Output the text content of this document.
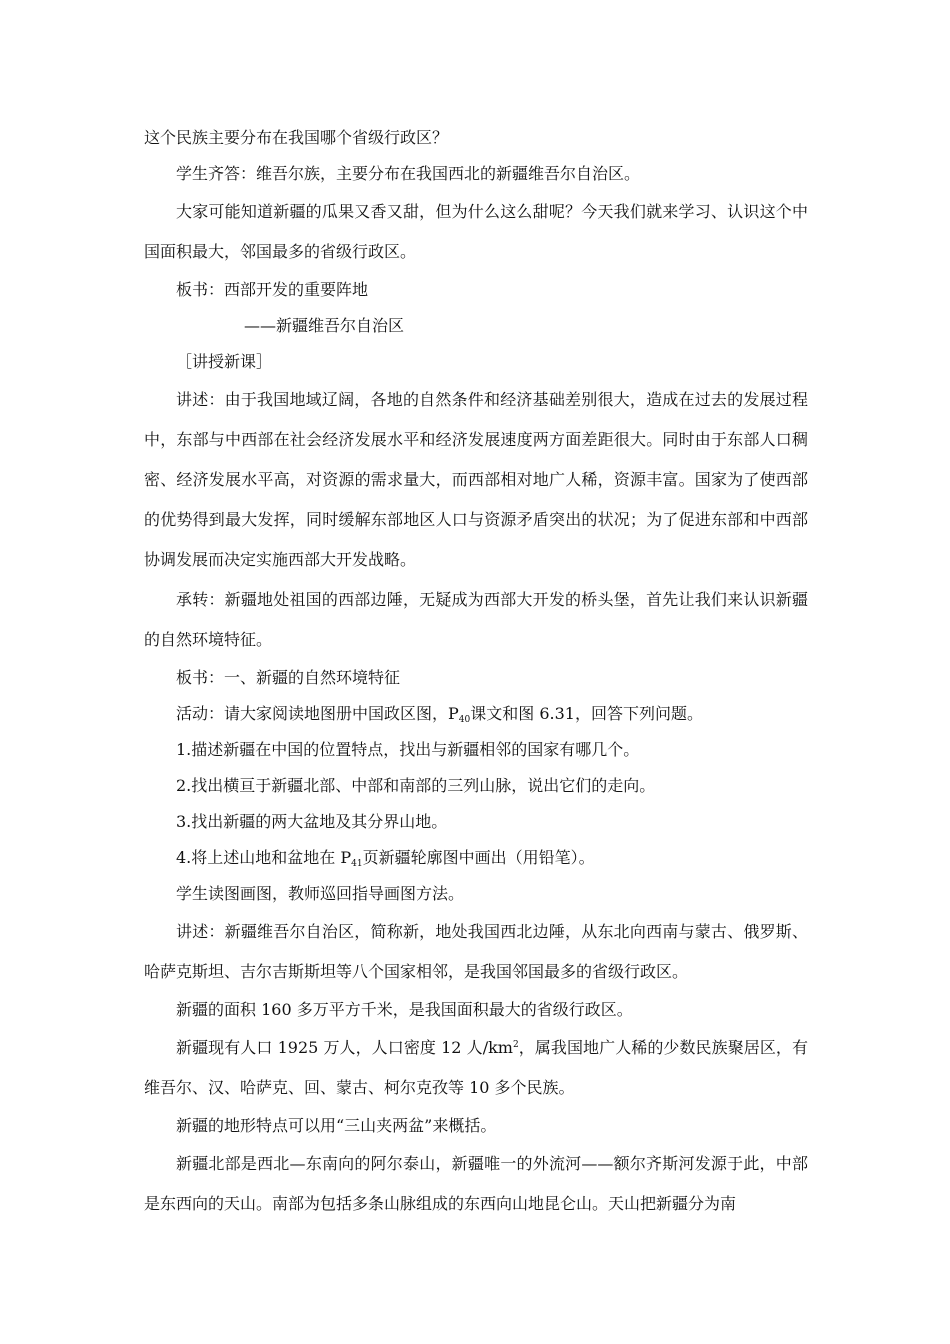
这个民族主要分布在我国哪个省级行政区？

学生齐答：维吾尔族，主要分布在我国西北的新疆维吾尔自治区。

大家可能知道新疆的瓜果又香又甜，但为什么这么甜呢？今天我们就来学习、认识这个中国面积最大，邻国最多的省级行政区。

板书：西部开发的重要阵地

——新疆维吾尔自治区

［讲授新课］

讲述：由于我国地域辽阔，各地的自然条件和经济基础差别很大，造成在过去的发展过程中，东部与中西部在社会经济发展水平和经济发展速度两方面差距很大。同时由于东部人口稠密、经济发展水平高，对资源的需求量大，而西部相对地广人稀，资源丰富。国家为了使西部的优势得到最大发挥，同时缓解东部地区人口与资源矛盾突出的状况；为了促进东部和中西部协调发展而决定实施西部大开发战略。

承转：新疆地处祖国的西部边陲，无疑成为西部大开发的桥头堡，首先让我们来认识新疆的自然环境特征。

板书：一、新疆的自然环境特征

活动：请大家阅读地图册中国政区图，$P_{40}$课文和图 6.31，回答下列问题。

1.描述新疆在中国的位置特点，找出与新疆相邻的国家有哪几个。

2.找出横亘于新疆北部、中部和南部的三列山脉，说出它们的走向。

3.找出新疆的两大盆地及其分界山地。

4.将上述山地和盆地在 $P_{41}$页新疆轮廓图中画出（用铅笔）。

学生读图画图，教师巡回指导画图方法。

讲述：新疆维吾尔自治区，简称新，地处我国西北边陲，从东北向西南与蒙古、俄罗斯、哈萨克斯坦、吉尔吉斯斯坦等八个国家相邻，是我国邻国最多的省级行政区。

新疆的面积 160 多万平方千米，是我国面积最大的省级行政区。

新疆现有人口 1925 万人，人口密度 12 人$/km^2$，属我国地广人稀的少数民族聚居区，有维吾尔、汉、哈萨克、回、蒙古、柯尔克孜等 10 多个民族。

新疆的地形特点可以用“三山夹两盆”来概括。

新疆北部是西北—东南向的阿尔泰山，新疆唯一的外流河——额尔齐斯河发源于此，中部是东西向的天山。南部为包括多条山脉组成的东西向山地昆仑山。天山把新疆分为南
